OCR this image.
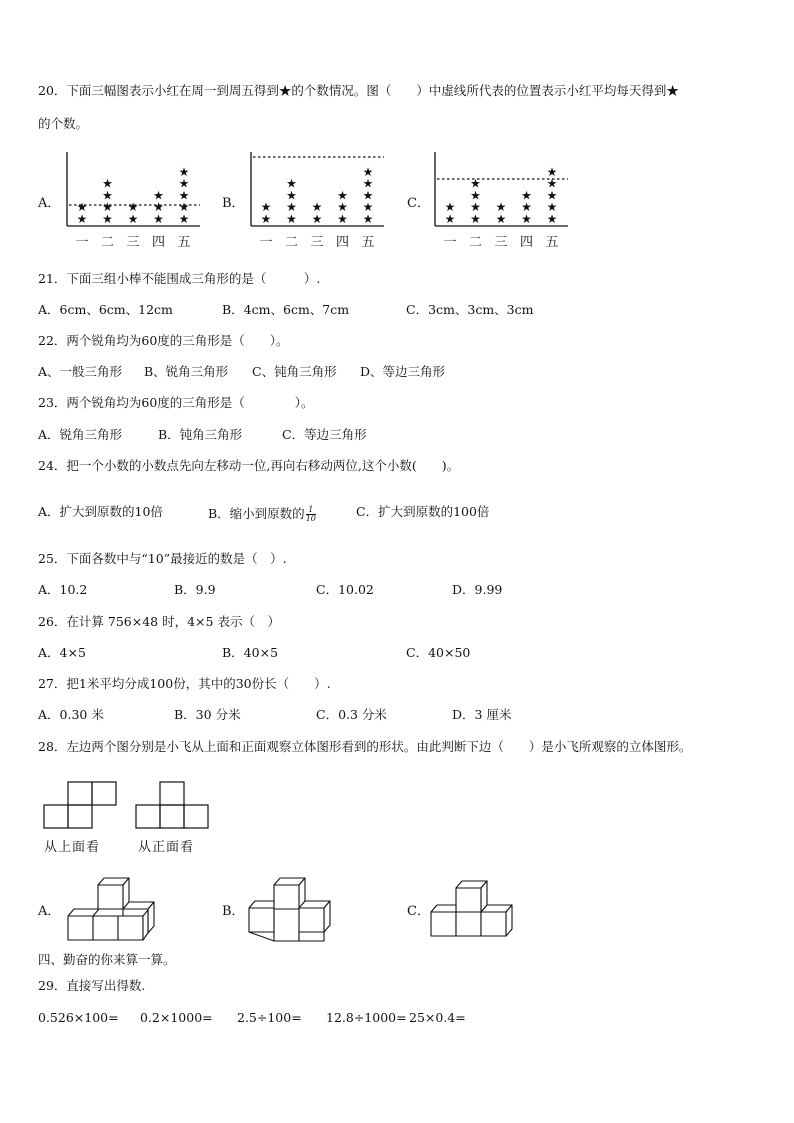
20．下面三幅图表示小红在周一到周五得到★的个数情况。图（　　）中虚线所代表的位置表示小红平均每天得到★
的个数。
A．	B．	C．
★
★
一
★
★
★
★
二
★
★
三
★
★
★
四
★
★
★
★
★
五
★
★
一
★
★
★
★
二
★
★
三
★
★
★
四
★
★
★
★
★
五
★
★
一
★
★
★
★
二
★
★
三
★
★
★
四
★
★
★
★
★
五
21．下面三组小棒不能围成三角形的是（　　　）.
A．6cm、6cm、12cm	B．4cm、6cm、7cm	C．3cm、3cm、3cm
22．两个锐角均为60度的三角形是（　　）。
A、一般三角形 B、锐角三角形 C、钝角三角形 D、等边三角形
23．两个锐角均为60度的三角形是（　　　　）。
A．锐角三角形	B．钝角三角形	C．等边三角形
24．把一个小数的小数点先向左移动一位,再向右移动两位,这个小数(　　)。
A．扩大到原数的10倍	B．缩小到原数的 $\frac{1}{10}$	C．扩大到原数的100倍
25．下面各数中与“10”最接近的数是（　）.
A．10.2	B．9.9	C．10.02	D．9.99
26．在计算 756×48 时，4×5 表示（　）
A．4×5	B．40×5	C．40×50
27．把1米平均分成100份，其中的30份长（　　）.
A．0.30 米	B．30 分米	C．0.3 分米	D．3 厘米
28．左边两个图分别是小飞从上面和正面观察立体图形看到的形状。由此判断下边（　　）是小飞所观察的立体图形。
从上面看	从正面看
A．	B．	C．
四、勤奋的你来算一算。
29．直接写出得数.
0.526×100= 0.2×1000= 2.5÷100= 12.8÷1000= 25×0.4=
